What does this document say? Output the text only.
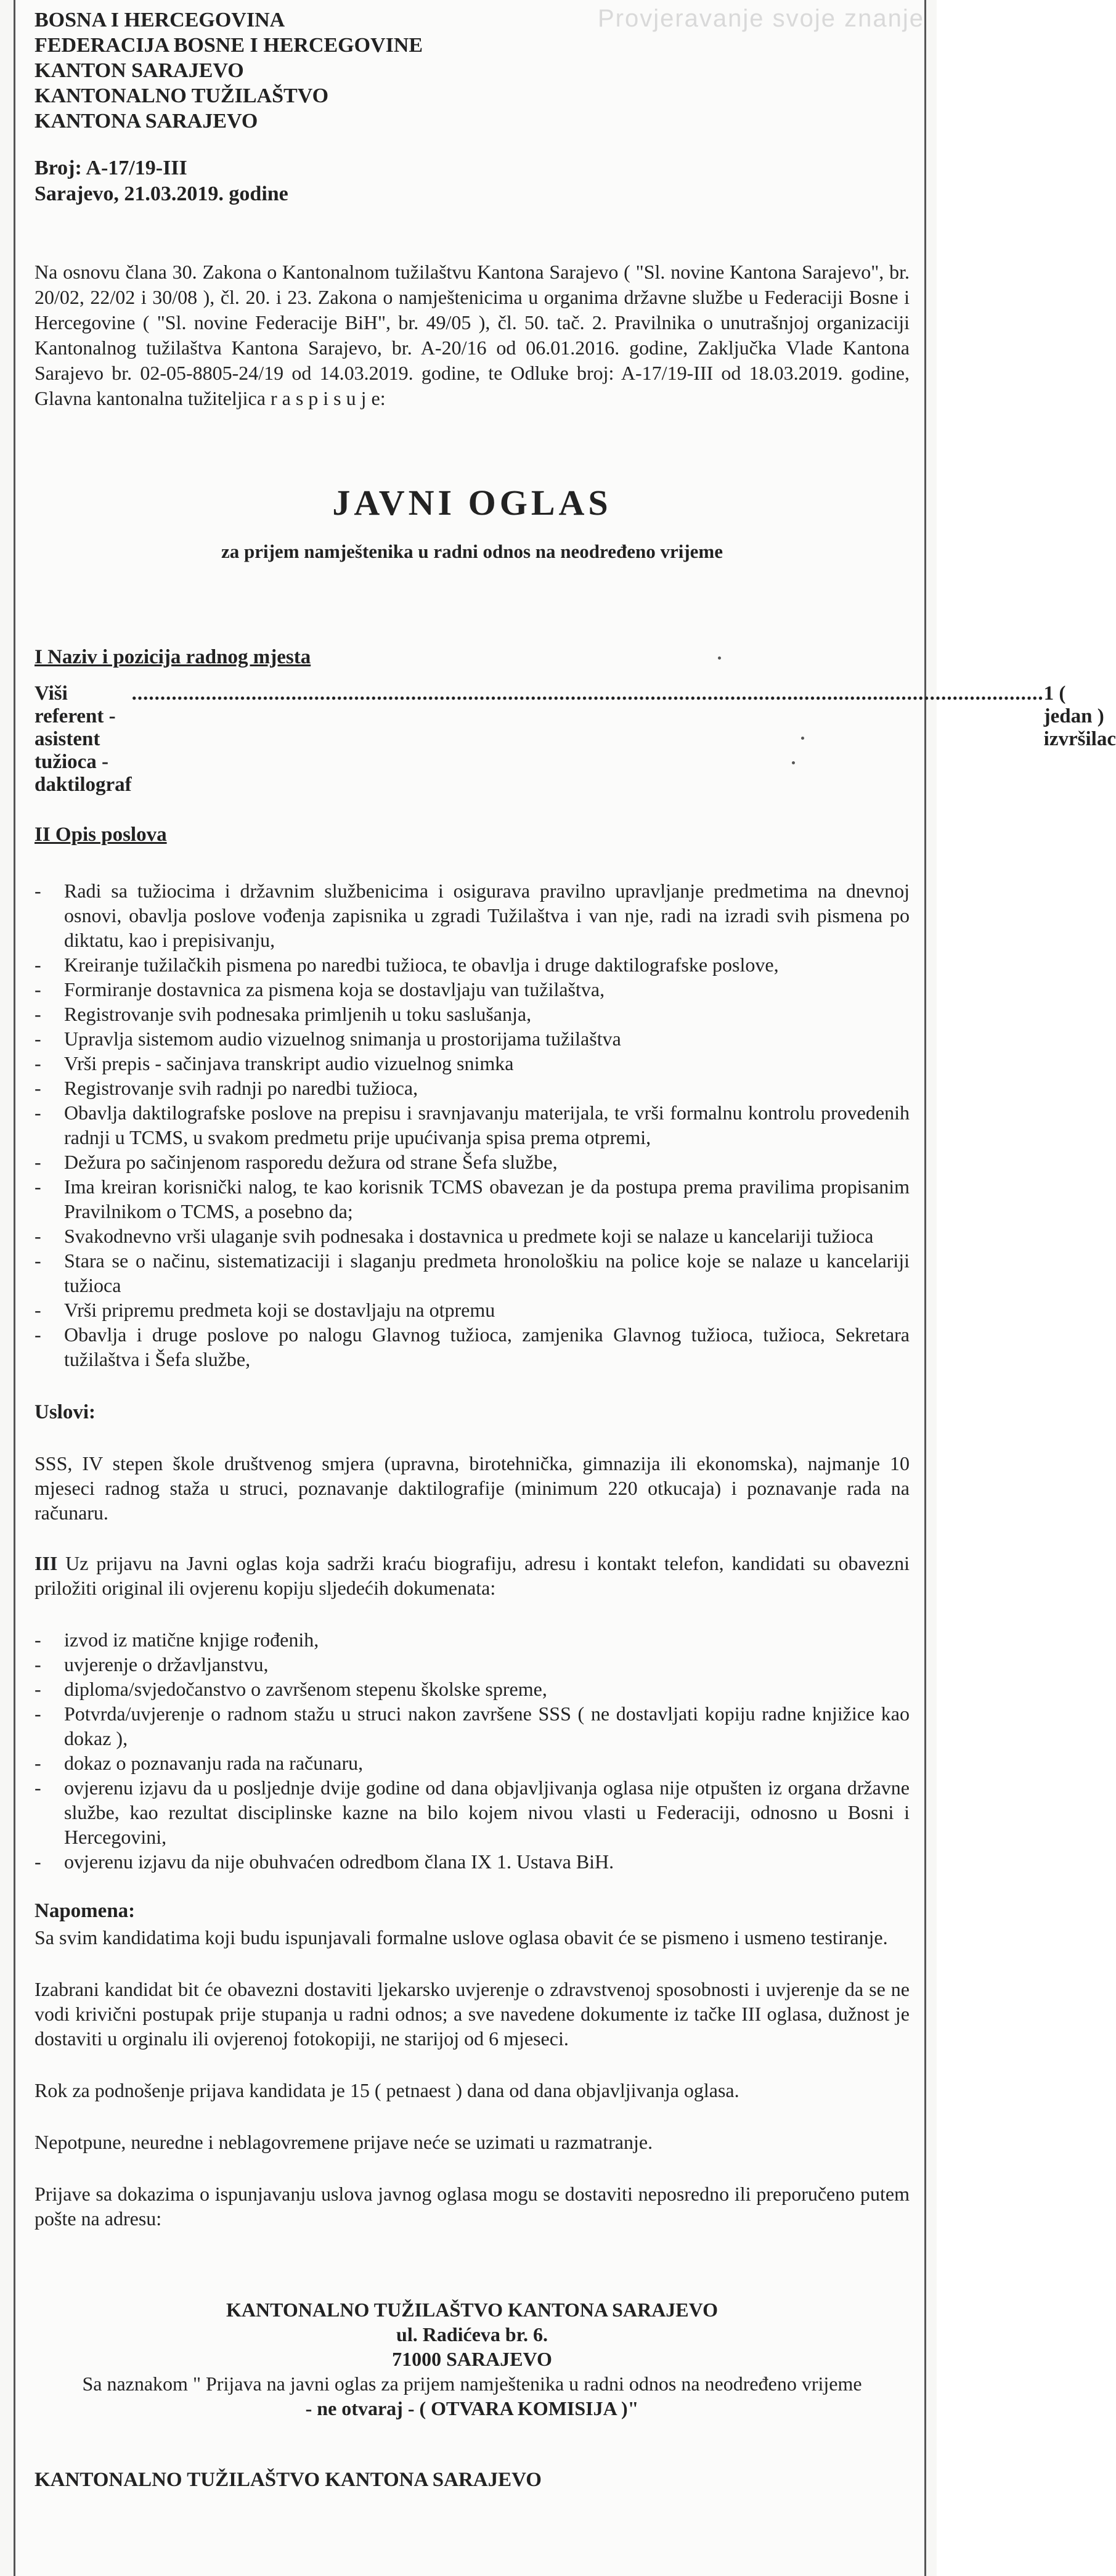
Provjeravanje svoje znanje
BOSNA I HERCEGOVINA
FEDERACIJA BOSNE I HERCEGOVINE
KANTON SARAJEVO
KANTONALNO TUŽILAŠTVO
KANTONA SARAJEVO
Broj: A-17/19-III
Sarajevo, 21.03.2019. godine
Na osnovu člana 30. Zakona o Kantonalnom tužilaštvu Kantona Sarajevo ( "Sl. novine Kantona Sarajevo", br. 20/02, 22/02 i 30/08 ), čl. 20. i 23. Zakona o namještenicima u organima državne službe u Federaciji Bosne i Hercegovine ( "Sl. novine Federacije BiH", br. 49/05 ), čl. 50. tač. 2. Pravilnika o unutrašnjoj organizaciji Kantonalnog tužilaštva Kantona Sarajevo, br. A-20/16 od 06.01.2016. godine, Zaključka Vlade Kantona Sarajevo br. 02-05-8805-24/19 od 14.03.2019. godine, te Odluke broj: A-17/19-III od 18.03.2019. godine, Glavna kantonalna tužiteljica r a s p i s u j e:
JAVNI OGLAS
za prijem namještenika u radni odnos na neodređeno vrijeme
I Naziv i pozicija radnog mjesta
Viši referent - asistent tužioca - daktilograf
................................................................................................................................................................ 1 ( jedan ) izvršilac
II Opis poslova
- Radi sa tužiocima i državnim službenicima i osigurava pravilno upravljanje predmetima na dnevnoj osnovi, obavlja poslove vođenja zapisnika u zgradi Tužilaštva i van nje, radi na izradi svih pismena po diktatu, kao i prepisivanju,
- Kreiranje tužilačkih pismena po naredbi tužioca, te obavlja i druge daktilografske poslove,
- Formiranje dostavnica za pismena koja se dostavljaju van tužilaštva,
- Registrovanje svih podnesaka primljenih u toku saslušanja,
- Upravlja sistemom audio vizuelnog snimanja u prostorijama tužilaštva
- Vrši prepis - sačinjava transkript audio vizuelnog snimka
- Registrovanje svih radnji po naredbi tužioca,
- Obavlja daktilografske poslove na prepisu i sravnjavanju materijala, te vrši formalnu kontrolu provedenih radnji u TCMS, u svakom predmetu prije upućivanja spisa prema otpremi,
- Dežura po sačinjenom rasporedu dežura od strane Šefa službe,
- Ima kreiran korisnički nalog, te kao korisnik TCMS obavezan je da postupa prema pravilima propisanim Pravilnikom o TCMS, a posebno da;
- Svakodnevno vrši ulaganje svih podnesaka i dostavnica u predmete koji se nalaze u kancelariji tužioca
- Stara se o načinu, sistematizaciji i slaganju predmeta hronološkiu na police koje se nalaze u kancelariji tužioca
- Vrši pripremu predmeta koji se dostavljaju na otpremu
- Obavlja i druge poslove po nalogu Glavnog tužioca, zamjenika Glavnog tužioca, tužioca, Sekretara tužilaštva i Šefa službe,
Uslovi:
SSS, IV stepen škole društvenog smjera (upravna, birotehnička, gimnazija ili ekonomska), najmanje 10 mjeseci radnog staža u struci, poznavanje daktilografije (minimum 220 otkucaja) i poznavanje rada na računaru.
III Uz prijavu na Javni oglas koja sadrži kraću biografiju, adresu i kontakt telefon, kandidati su obavezni priložiti original ili ovjerenu kopiju sljedećih dokumenata:
- izvod iz matične knjige rođenih,
- uvjerenje o državljanstvu,
- diploma/svjedočanstvo o završenom stepenu školske spreme,
- Potvrda/uvjerenje o radnom stažu u struci nakon završene SSS ( ne dostavljati kopiju radne knjižice kao dokaz ),
- dokaz o poznavanju rada na računaru,
- ovjerenu izjavu da u posljednje dvije godine od dana objavljivanja oglasa nije otpušten iz organa državne službe, kao rezultat disciplinske kazne na bilo kojem nivou vlasti u Federaciji, odnosno u Bosni i Hercegovini,
- ovjerenu izjavu da nije obuhvaćen odredbom člana IX 1. Ustava BiH.
Napomena:
Sa svim kandidatima koji budu ispunjavali formalne uslove oglasa obavit će se pismeno i usmeno testiranje.
Izabrani kandidat bit će obavezni dostaviti ljekarsko uvjerenje o zdravstvenoj sposobnosti i uvjerenje da se ne vodi krivični postupak prije stupanja u radni odnos; a sve navedene dokumente iz tačke III oglasa, dužnost je dostaviti u orginalu ili ovjerenoj fotokopiji, ne starijoj od 6 mjeseci.
Rok za podnošenje prijava kandidata je 15 ( petnaest ) dana od dana objavljivanja oglasa.
Nepotpune, neuredne i neblagovremene prijave neće se uzimati u razmatranje.
Prijave sa dokazima o ispunjavanju uslova javnog oglasa mogu se dostaviti neposredno ili preporučeno putem pošte na adresu:
KANTONALNO TUŽILAŠTVO KANTONA SARAJEVO
ul. Radićeva br. 6.
71000 SARAJEVO
Sa naznakom " Prijava na javni oglas za prijem namještenika u radni odnos na neodređeno vrijeme
- ne otvaraj - ( OTVARA KOMISIJA )"
KANTONALNO TUŽILAŠTVO KANTONA SARAJEVO
